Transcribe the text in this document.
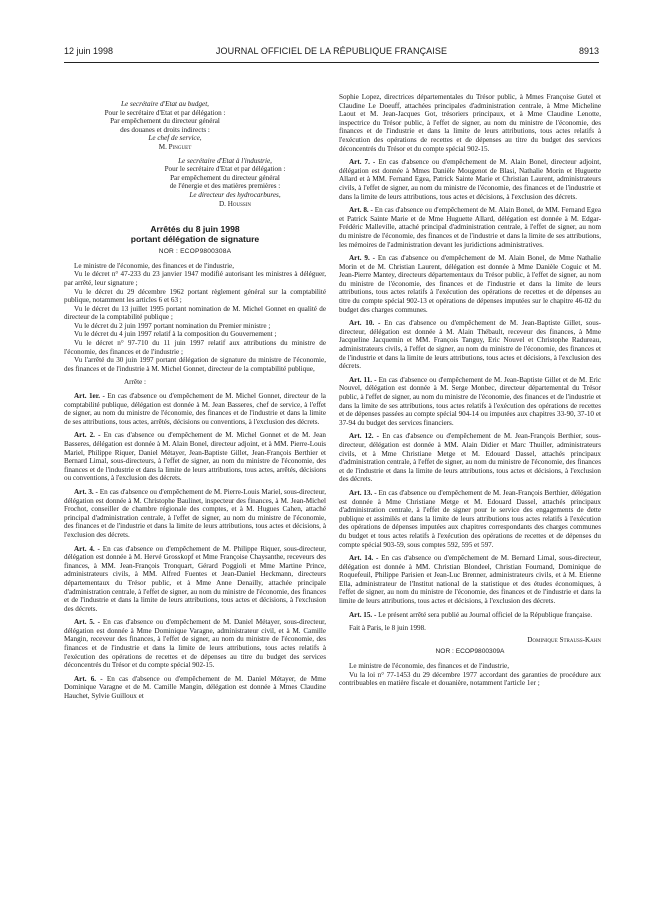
12 juin 1998	JOURNAL OFFICIEL DE LA RÉPUBLIQUE FRANÇAISE	8913

Le secrétaire d'Etat au budget,

Pour le secrétaire d'Etat et par délégation :

Par empêchement du directeur général

des douanes et droits indirects :

Le chef de service,

M. Pinguet

Le secrétaire d'Etat à l'industrie,

Pour le secrétaire d'Etat et par délégation :

Par empêchement du directeur général

de l'énergie et des matières premières :

Le directeur des hydrocarbures,

D. Houssin

Arrêtés du 8 juin 1998
portant délégation de signature
NOR : ECOP9800308A

Le ministre de l'économie, des finances et de l'industrie,

Vu le décret n° 47-233 du 23 janvier 1947 modifié autorisant les ministres à déléguer, par arrêté, leur signature ;

Vu le décret du 29 décembre 1962 portant règlement général sur la comptabilité publique, notamment les articles 6 et 63 ;

Vu le décret du 13 juillet 1995 portant nomination de M. Michel Gonnet en qualité de directeur de la comptabilité publique ;

Vu le décret du 2 juin 1997 portant nomination du Premier ministre ;

Vu le décret du 4 juin 1997 relatif à la composition du Gouvernement ;

Vu le décret n° 97-710 du 11 juin 1997 relatif aux attributions du ministre de l'économie, des finances et de l'industrie ;

Vu l'arrêté du 30 juin 1997 portant délégation de signature du ministre de l'économie, des finances et de l'industrie à M. Michel Gonnet, directeur de la comptabilité publique,

Arrête :

Art. 1er. - En cas d'absence ou d'empêchement de M. Michel Gonnet, directeur de la comptabilité publique, délégation est donnée à M. Jean Basseres, chef de service, à l'effet de signer, au nom du ministre de l'économie, des finances et de l'industrie et dans la limite de ses attributions, tous actes, arrêtés, décisions ou conventions, à l'exclusion des décrets.

Art. 2. - En cas d'absence ou d'empêchement de M. Michel Gonnet et de M. Jean Basseres, délégation est donnée à M. Alain Bonel, directeur adjoint, et à MM. Pierre-Louis Mariel, Philippe Riquer, Daniel Métayer, Jean-Baptiste Gillet, Jean-François Berthier et Bernard Limal, sous-directeurs, à l'effet de signer, au nom du ministre de l'économie, des finances et de l'industrie et dans la limite de leurs attributions, tous actes, arrêtés, décisions ou conventions, à l'exclusion des décrets.

Art. 3. - En cas d'absence ou d'empêchement de M. Pierre-Louis Mariel, sous-directeur, délégation est donnée à M. Christophe Baulinet, inspecteur des finances, à M. Jean-Michel Frochot, conseiller de chambre régionale des comptes, et à M. Hugues Cahen, attaché principal d'administration centrale, à l'effet de signer, au nom du ministre de l'économie, des finances et de l'industrie et dans la limite de leurs attributions, tous actes et décisions, à l'exclusion des décrets.

Art. 4. - En cas d'absence ou d'empêchement de M. Philippe Riquer, sous-directeur, délégation est donnée à M. Hervé Grosskopf et Mme Françoise Chaysanthe, receveurs des finances, à MM. Jean-François Tronquart, Gérard Poggioli et Mme Martine Prince, administrateurs civils, à MM. Alfred Fuentes et Jean-Daniel Heckmann, directeurs départementaux du Trésor public, et à Mme Anne Denailly, attachée principale d'administration centrale, à l'effet de signer, au nom du ministre de l'économie, des finances et de l'industrie et dans la limite de leurs attributions, tous actes et décisions, à l'exclusion des décrets.

Art. 5. - En cas d'absence ou d'empêchement de M. Daniel Métayer, sous-directeur, délégation est donnée à Mme Dominique Varagne, administrateur civil, et à M. Camille Mangin, receveur des finances, à l'effet de signer, au nom du ministre de l'économie, des finances et de l'industrie et dans la limite de leurs attributions, tous actes relatifs à l'exécution des opérations de recettes et de dépenses au titre du budget des services déconcentrés du Trésor et du compte spécial 902-15.

Art. 6. - En cas d'absence ou d'empêchement de M. Daniel Métayer, de Mme Dominique Varagne et de M. Camille Mangin, délégation est donnée à Mmes Claudine Hauchet, Sylvie Guilloux et

Sophie Lopez, directrices départementales du Trésor public, à Mmes Françoise Gutel et Claudine Le Doeuff, attachées principales d'administration centrale, à Mme Micheline Laout et M. Jean-Jacques Got, trésoriers principaux, et à Mme Claudine Lenotte, inspectrice du Trésor public, à l'effet de signer, au nom du ministre de l'économie, des finances et de l'industrie et dans la limite de leurs attributions, tous actes relatifs à l'exécution des opérations de recettes et de dépenses au titre du budget des services déconcentrés du Trésor et du compte spécial 902-15.

Art. 7. - En cas d'absence ou d'empêchement de M. Alain Bonel, directeur adjoint, délégation est donnée à Mmes Danièle Mougenot de Blasi, Nathalie Morin et Huguette Allard et à MM. Fernand Egea, Patrick Sainte Marie et Christian Laurent, administrateurs civils, à l'effet de signer, au nom du ministre de l'économie, des finances et de l'industrie et dans la limite de leurs attributions, tous actes et décisions, à l'exclusion des décrets.

Art. 8. - En cas d'absence ou d'empêchement de M. Alain Bonel, de MM. Fernand Egea et Patrick Sainte Marie et de Mme Huguette Allard, délégation est donnée à M. Edgar-Frédéric Malleville, attaché principal d'administration centrale, à l'effet de signer, au nom du ministre de l'économie, des finances et de l'industrie et dans la limite de ses attributions, les mémoires de l'administration devant les juridictions administratives.

Art. 9. - En cas d'absence ou d'empêchement de M. Alain Bonel, de Mme Nathalie Morin et de M. Christian Laurent, délégation est donnée à Mme Danièle Coguic et M. Jean-Pierre Mantey, directeurs départementaux du Trésor public, à l'effet de signer, au nom du ministre de l'économie, des finances et de l'industrie et dans la limite de leurs attributions, tous actes relatifs à l'exécution des opérations de recettes et de dépenses au titre du compte spécial 902-13 et opérations de dépenses imputées sur le chapitre 46-02 du budget des charges communes.

Art. 10. - En cas d'absence ou d'empêchement de M. Jean-Baptiste Gillet, sous-directeur, délégation est donnée à M. Alain Thébault, receveur des finances, à Mme Jacqueline Jacquemin et MM. François Tanguy, Eric Nouvel et Christophe Radureau, administrateurs civils, à l'effet de signer, au nom du ministre de l'économie, des finances et de l'industrie et dans la limite de leurs attributions, tous actes et décisions, à l'exclusion des décrets.

Art. 11. - En cas d'absence ou d'empêchement de M. Jean-Baptiste Gillet et de M. Eric Nouvel, délégation est donnée à M. Serge Monbec, directeur départemental du Trésor public, à l'effet de signer, au nom du ministre de l'économie, des finances et de l'industrie et dans la limite de ses attributions, tous actes relatifs à l'exécution des opérations de recettes et de dépenses passées au compte spécial 904-14 ou imputées aux chapitres 33-90, 37-10 et 37-94 du budget des services financiers.

Art. 12. - En cas d'absence ou d'empêchement de M. Jean-François Berthier, sous-directeur, délégation est donnée à MM. Alain Didier et Marc Thuiller, administrateurs civils, et à Mme Christiane Metge et M. Edouard Dassel, attachés principaux d'administration centrale, à l'effet de signer, au nom du ministre de l'économie, des finances et de l'industrie et dans la limite de leurs attributions, tous actes et décisions, à l'exclusion des décrets.

Art. 13. - En cas d'absence ou d'empêchement de M. Jean-François Berthier, délégation est donnée à Mme Christiane Metge et M. Edouard Dassel, attachés principaux d'administration centrale, à l'effet de signer pour le service des engagements de dette publique et assimilés et dans la limite de leurs attributions tous actes relatifs à l'exécution des opérations de dépenses imputées aux chapitres correspondants des charges communes du budget et tous actes relatifs à l'exécution des opérations de recettes et de dépenses du compte spécial 903-59, sous comptes 592, 595 et 597.

Art. 14. - En cas d'absence ou d'empêchement de M. Bernard Limal, sous-directeur, délégation est donnée à MM. Christian Blondeel, Christian Fournand, Dominique de Roquefeuil, Philippe Parisien et Jean-Luc Brenner, administrateurs civils, et à M. Etienne Ella, administrateur de l'Institut national de la statistique et des études économiques, à l'effet de signer, au nom du ministre de l'économie, des finances et de l'industrie et dans la limite de leurs attributions, tous actes et décisions, à l'exclusion des décrets.

Art. 15. - Le présent arrêté sera publié au Journal officiel de la République française.

Fait à Paris, le 8 juin 1998.

Dominique Strauss-Kahn

NOR : ECOP9800309A

Le ministre de l'économie, des finances et de l'industrie,

Vu la loi n° 77-1453 du 29 décembre 1977 accordant des garanties de procédure aux contribuables en matière fiscale et douanière, notamment l'article 1er ;
